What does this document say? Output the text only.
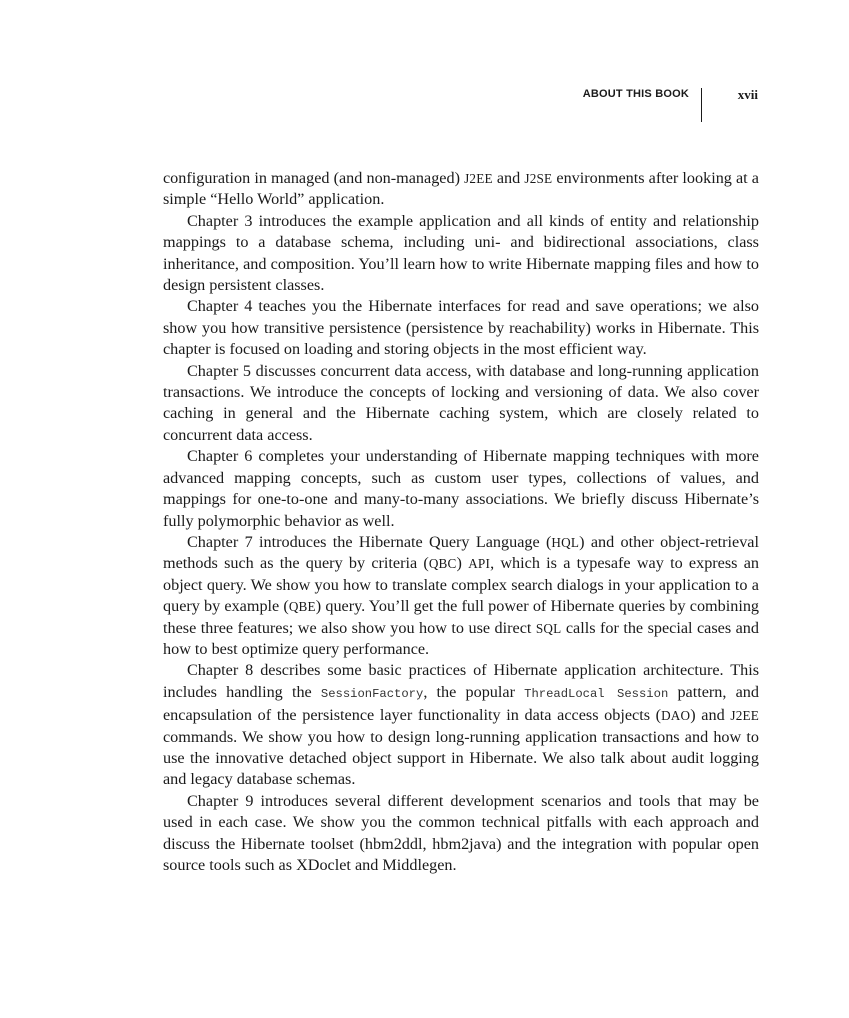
ABOUT THIS BOOK	xvii

configuration in managed (and non-managed) J2EE and J2SE environments after looking at a simple “Hello World” application.

Chapter 3 introduces the example application and all kinds of entity and relationship mappings to a database schema, including uni- and bidirectional associations, class inheritance, and composition. You’ll learn how to write Hibernate mapping files and how to design persistent classes.

Chapter 4 teaches you the Hibernate interfaces for read and save operations; we also show you how transitive persistence (persistence by reachability) works in Hibernate. This chapter is focused on loading and storing objects in the most efficient way.

Chapter 5 discusses concurrent data access, with database and long-running application transactions. We introduce the concepts of locking and versioning of data. We also cover caching in general and the Hibernate caching system, which are closely related to concurrent data access.

Chapter 6 completes your understanding of Hibernate mapping techniques with more advanced mapping concepts, such as custom user types, collections of values, and mappings for one-to-one and many-to-many associations. We briefly discuss Hibernate’s fully polymorphic behavior as well.

Chapter 7 introduces the Hibernate Query Language (HQL) and other object-retrieval methods such as the query by criteria (QBC) API, which is a typesafe way to express an object query. We show you how to translate complex search dialogs in your application to a query by example (QBE) query. You’ll get the full power of Hibernate queries by combining these three features; we also show you how to use direct SQL calls for the special cases and how to best optimize query performance.

Chapter 8 describes some basic practices of Hibernate application architecture. This includes handling the SessionFactory, the popular ThreadLocal Session pattern, and encapsulation of the persistence layer functionality in data access objects (DAO) and J2EE commands. We show you how to design long-running application transactions and how to use the innovative detached object support in Hibernate. We also talk about audit logging and legacy database schemas.

Chapter 9 introduces several different development scenarios and tools that may be used in each case. We show you the common technical pitfalls with each approach and discuss the Hibernate toolset (hbm2ddl, hbm2java) and the integration with popular open source tools such as XDoclet and Middlegen.
